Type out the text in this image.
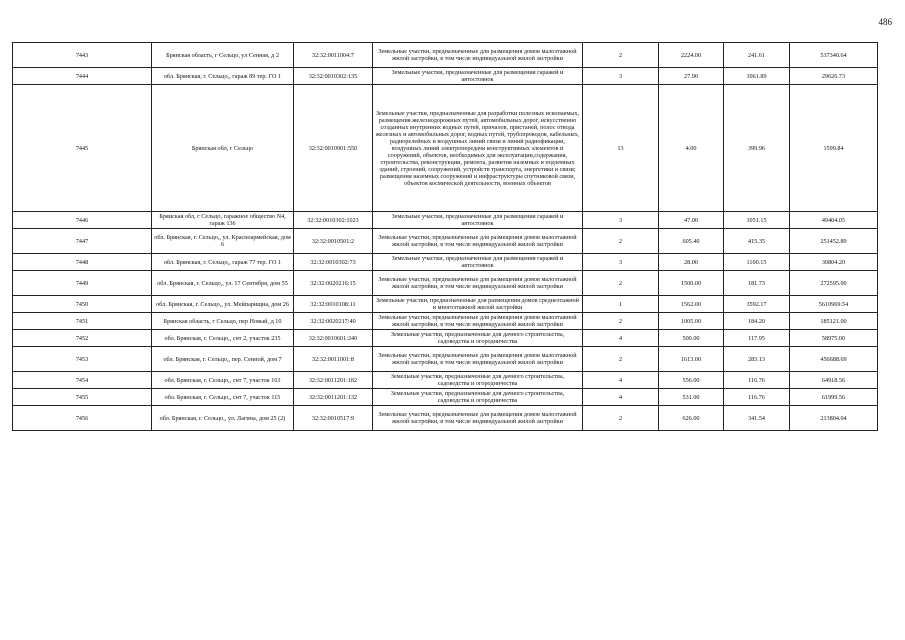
486
7443	Брянская область, г Сельцо, ул Сенная, д 2	32:32:0011004:7	Земельные участки, предназначенные для размещения домов малоэтажной жилой застройки, в том числе индивидуальной жилой застройки	2	2224.00	241.61	537340.64
7444	обл. Брянская, г. Сельцо,, гараж 89 тер. ГО 1	32:32:0010302:135	Земельные участки, предназначенные для размещения гаражей и автостоянок	3	27.90	1061.89	29626.73
7445	Брянская обл, г Сельцо	32:32:0010901:550	Земельные участки, предназначенные для разработки полезных ископаемых, размещения железнодорожных путей, автомобильных дорог, искусственно созданных внутренних водных путей, причалов, пристаней, полос отвода железных и автомобильных дорог, водных путей, трубопроводов, кабельных, радиорелейных и воздушных линий связи и линий радиофикации, воздушных линий электропередачи конструктивных элементов и сооружений, объектов, необходимых для эксплуатации,содержания, строительства, реконструкции, ремонта, развития наземных и подземных зданий, строений, сооружений, устройств транспорта, энергетики и связи; размещения наземных сооружений и инфраструктуры спутниковой связи, объектов космической деятельности, военных объектов	13	4.00	399.96	1599.84
7446	Брянская обл, г Сельцо, гаражное общество N4, гараж 136	32:32:0010302:1023	Земельные участки, предназначенные для размещения гаражей и автостоянок	3	47.00	1051.15	49404.05
7447	обл. Брянская, г. Сельцо,, ул. Красноармейская, дом 6	32:32:0010501:2	Земельные участки, предназначенные для размещения домов малоэтажной жилой застройки, в том числе индивидуальной жилой застройки	2	605.40	415.35	251452.89
7448	обл. Брянская, г. Сельцо,, гараж 77 тер. ГО 1	32:32:0010302:73	Земельные участки, предназначенные для размещения гаражей и автостоянок	3	28.00	1100.15	30804.20
7449	обл. Брянская, г. Сельцо,, ул. 17 Сентября, дом 55	32:32:0020216:15	Земельные участки, предназначенные для размещения домов малоэтажной жилой застройки, в том числе индивидуальной жилой застройки	2	1500.00	181.73	272595.00
7450	обл. Брянская, г. Сельцо,, ул. Мейпарищна, дом 26	32:32:0010108:11	Земельные участки, предназначенные для размещения домов среднеэтажной и многоэтажной жилой застройки	1	1562.00	3592.17	5610969.54
7451	Брянская область, г Сельцо, пер Новый, д 10	32:32:0020217:40	Земельные участки, предназначенные для размещения домов малоэтажной жилой застройки, в том числе индивидуальной жилой застройки	2	1005.00	184.20	185121.00
7452	обл. Брянская, г. Сельцо,, снт 2, участок 235	32:32:0010601:240	Земельные участки, предназначенные для дачного строительства, садоводства и огородничества	4	500.00	117.95	58975.00
7453	обл. Брянская, г. Сельцо,, пер. Сенной, дом 7	32:32:0011001:8	Земельные участки, предназначенные для размещения домов малоэтажной жилой застройки, в том числе индивидуальной жилой застройки	2	1613.00	283.13	456688.69
7454	обл. Брянская, г. Сельцо,, снт 7, участок 163	32:32:0011201:182	Земельные участки, предназначенные для дачного строительства, садоводства и огородничества	4	556.00	116.76	64918.56
7455	обл. Брянская, г. Сельцо,, снт 7, участок 115	32:32:0011201:132	Земельные участки, предназначенные для дачного строительства, садоводства и огородничества	4	531.00	116.76	61999.56
7456	обл. Брянская, г. Сельцо,, ул. Лагина, дом 25 (2)	32:32:0010517:9	Земельные участки, предназначенные для размещения домов малоэтажной жилой застройки, в том числе индивидуальной жилой застройки	2	626.00	341.54	213804.04
